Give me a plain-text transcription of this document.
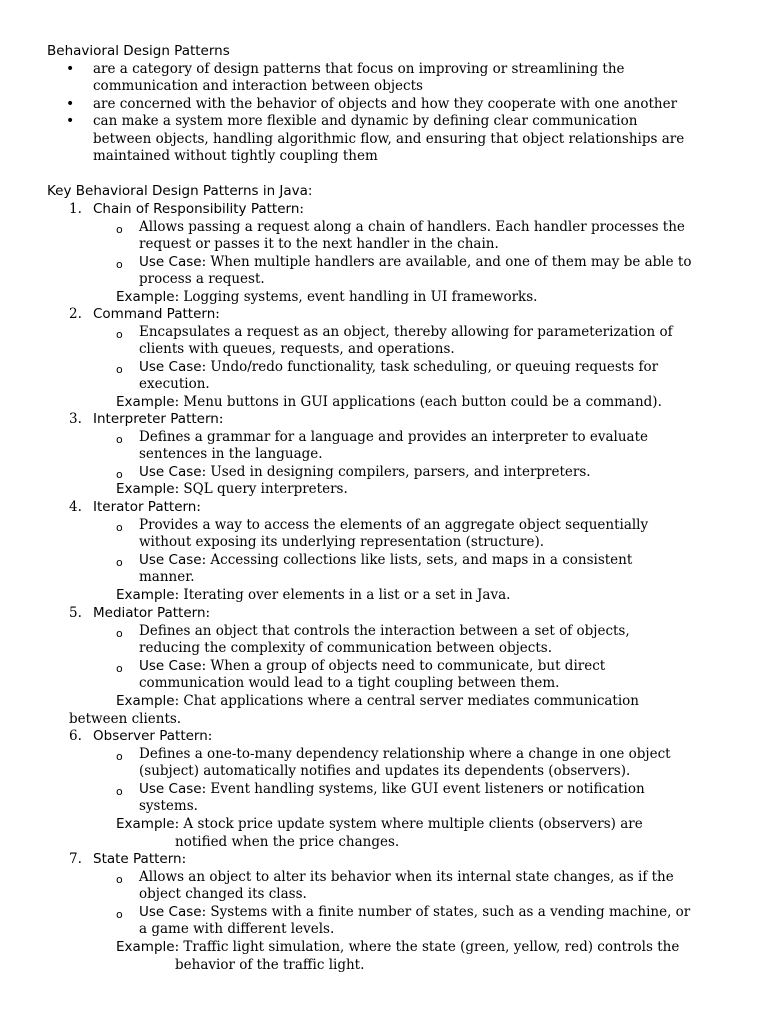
Behavioral Design Patterns
• are a category of design patterns that focus on improving or streamlining the
communication and interaction between objects
• are concerned with the behavior of objects and how they cooperate with one another
• can make a system more flexible and dynamic by defining clear communication
between objects, handling algorithmic flow, and ensuring that object relationships are
maintained without tightly coupling them
Key Behavioral Design Patterns in Java:
1. Chain of Responsibility Pattern:
o Allows passing a request along a chain of handlers. Each handler processes the
request or passes it to the next handler in the chain.
o Use Case: When multiple handlers are available, and one of them may be able to
process a request.
Example: Logging systems, event handling in UI frameworks.
2. Command Pattern:
o Encapsulates a request as an object, thereby allowing for parameterization of
clients with queues, requests, and operations.
o Use Case: Undo/redo functionality, task scheduling, or queuing requests for
execution.
Example: Menu buttons in GUI applications (each button could be a command).
3. Interpreter Pattern:
o Defines a grammar for a language and provides an interpreter to evaluate
sentences in the language.
o Use Case: Used in designing compilers, parsers, and interpreters.
Example: SQL query interpreters.
4. Iterator Pattern:
o Provides a way to access the elements of an aggregate object sequentially
without exposing its underlying representation (structure).
o Use Case: Accessing collections like lists, sets, and maps in a consistent
manner.
Example: Iterating over elements in a list or a set in Java.
5. Mediator Pattern:
o Defines an object that controls the interaction between a set of objects,
reducing the complexity of communication between objects.
o Use Case: When a group of objects need to communicate, but direct
communication would lead to a tight coupling between them.
Example: Chat applications where a central server mediates communication
between clients.
6. Observer Pattern:
o Defines a one-to-many dependency relationship where a change in one object
(subject) automatically notifies and updates its dependents (observers).
o Use Case: Event handling systems, like GUI event listeners or notification
systems.
Example: A stock price update system where multiple clients (observers) are
notified when the price changes.
7. State Pattern:
o Allows an object to alter its behavior when its internal state changes, as if the
object changed its class.
o Use Case: Systems with a finite number of states, such as a vending machine, or
a game with different levels.
Example: Traffic light simulation, where the state (green, yellow, red) controls the
behavior of the traffic light.
